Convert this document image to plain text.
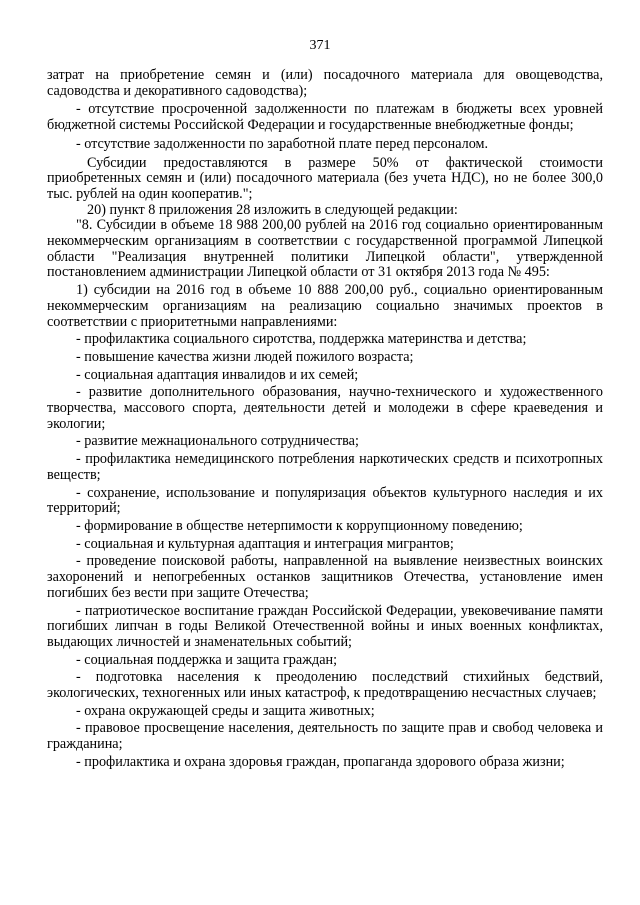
371

затрат на приобретение семян и (или) посадочного материала для овощеводства, садоводства и декоративного садоводства);

- отсутствие просроченной задолженности по платежам в бюджеты всех уровней бюджетной системы Российской Федерации и государственные внебюджетные фонды;

- отсутствие задолженности по заработной плате перед персоналом.

Субсидии предоставляются в размере 50% от фактической стоимости приобретенных семян и (или) посадочного материала (без учета НДС), но не более 300,0 тыс. рублей на один кооператив.";

20) пункт 8 приложения 28 изложить в следующей редакции:

"8. Субсидии в объеме 18 988 200,00 рублей на 2016 год социально ориентированным некоммерческим организациям в соответствии с государственной программой Липецкой области "Реализация внутренней политики Липецкой области", утвержденной постановлением администрации Липецкой области от 31 октября 2013 года № 495:

1) субсидии на 2016 год в объеме 10 888 200,00 руб., социально ориентированным некоммерческим организациям на реализацию социально значимых проектов в соответствии с приоритетными направлениями:

- профилактика социального сиротства, поддержка материнства и детства;

- повышение качества жизни людей пожилого возраста;

- социальная адаптация инвалидов и их семей;

- развитие дополнительного образования, научно-технического и художественного творчества, массового спорта, деятельности детей и молодежи в сфере краеведения и экологии;

- развитие межнационального сотрудничества;

- профилактика немедицинского потребления наркотических средств и психотропных веществ;

- сохранение, использование и популяризация объектов культурного наследия и их территорий;

- формирование в обществе нетерпимости к коррупционному поведению;

- социальная и культурная адаптация и интеграция мигрантов;

- проведение поисковой работы, направленной на выявление неизвестных воинских захоронений и непогребенных останков защитников Отечества, установление имен погибших без вести при защите Отечества;

- патриотическое воспитание граждан Российской Федерации, увековечивание памяти погибших липчан в годы Великой Отечественной войны и иных военных конфликтах, выдающих личностей и знаменательных событий;

- социальная поддержка и защита граждан;

- подготовка населения к преодолению последствий стихийных бедствий, экологических, техногенных или иных катастроф, к предотвращению несчастных случаев;

- охрана окружающей среды и защита животных;

- правовое просвещение населения, деятельность по защите прав и свобод человека и гражданина;

- профилактика и охрана здоровья граждан, пропаганда здорового образа жизни;
